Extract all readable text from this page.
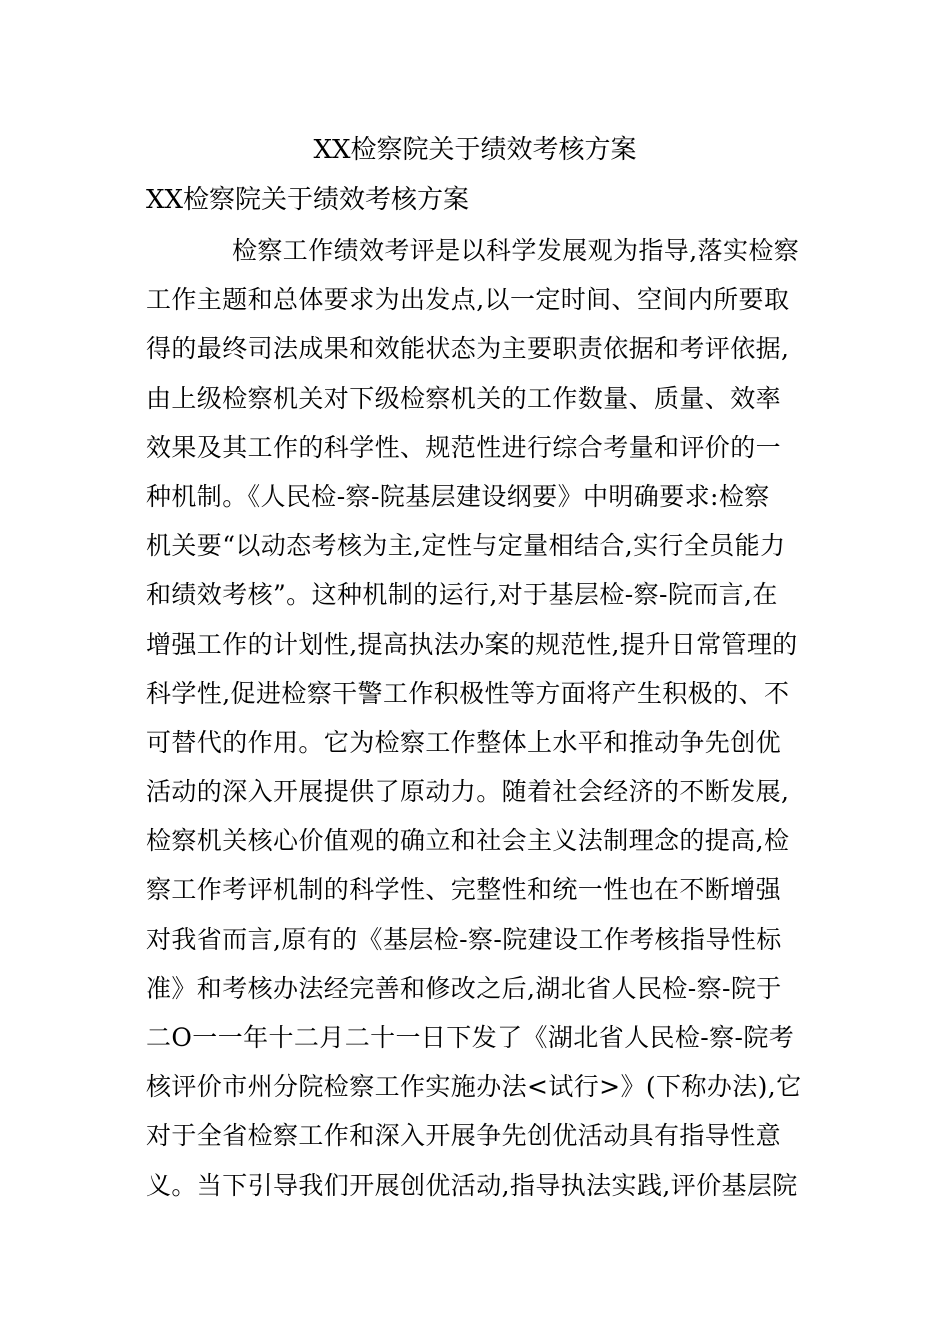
XX检察院关于绩效考核方案
XX检察院关于绩效考核方案
检察工作绩效考评是以科学发展观为指导,落实检察
工作主题和总体要求为出发点,以一定时间、空间内所要取
得的最终司法成果和效能状态为主要职责依据和考评依据,
由上级检察机关对下级检察机关的工作数量、质量、效率
效果及其工作的科学性、规范性进行综合考量和评价的一
种机制。《人民检-察-院基层建设纲要》中明确要求:检察
机关要“以动态考核为主,定性与定量相结合,实行全员能力
和绩效考核”。这种机制的运行,对于基层检-察-院而言,在
增强工作的计划性,提高执法办案的规范性,提升日常管理的
科学性,促进检察干警工作积极性等方面将产生积极的、不
可替代的作用。它为检察工作整体上水平和推动争先创优
活动的深入开展提供了原动力。随着社会经济的不断发展,
检察机关核心价值观的确立和社会主义法制理念的提高,检
察工作考评机制的科学性、完整性和统一性也在不断增强
对我省而言,原有的《基层检-察-院建设工作考核指导性标
准》和考核办法经完善和修改之后,湖北省人民检-察-院于
二O一一年十二月二十一日下发了《湖北省人民检-察-院考
核评价市州分院检察工作实施办法<试行>》(下称办法),它
对于全省检察工作和深入开展争先创优活动具有指导性意
义。当下引导我们开展创优活动,指导执法实践,评价基层院
